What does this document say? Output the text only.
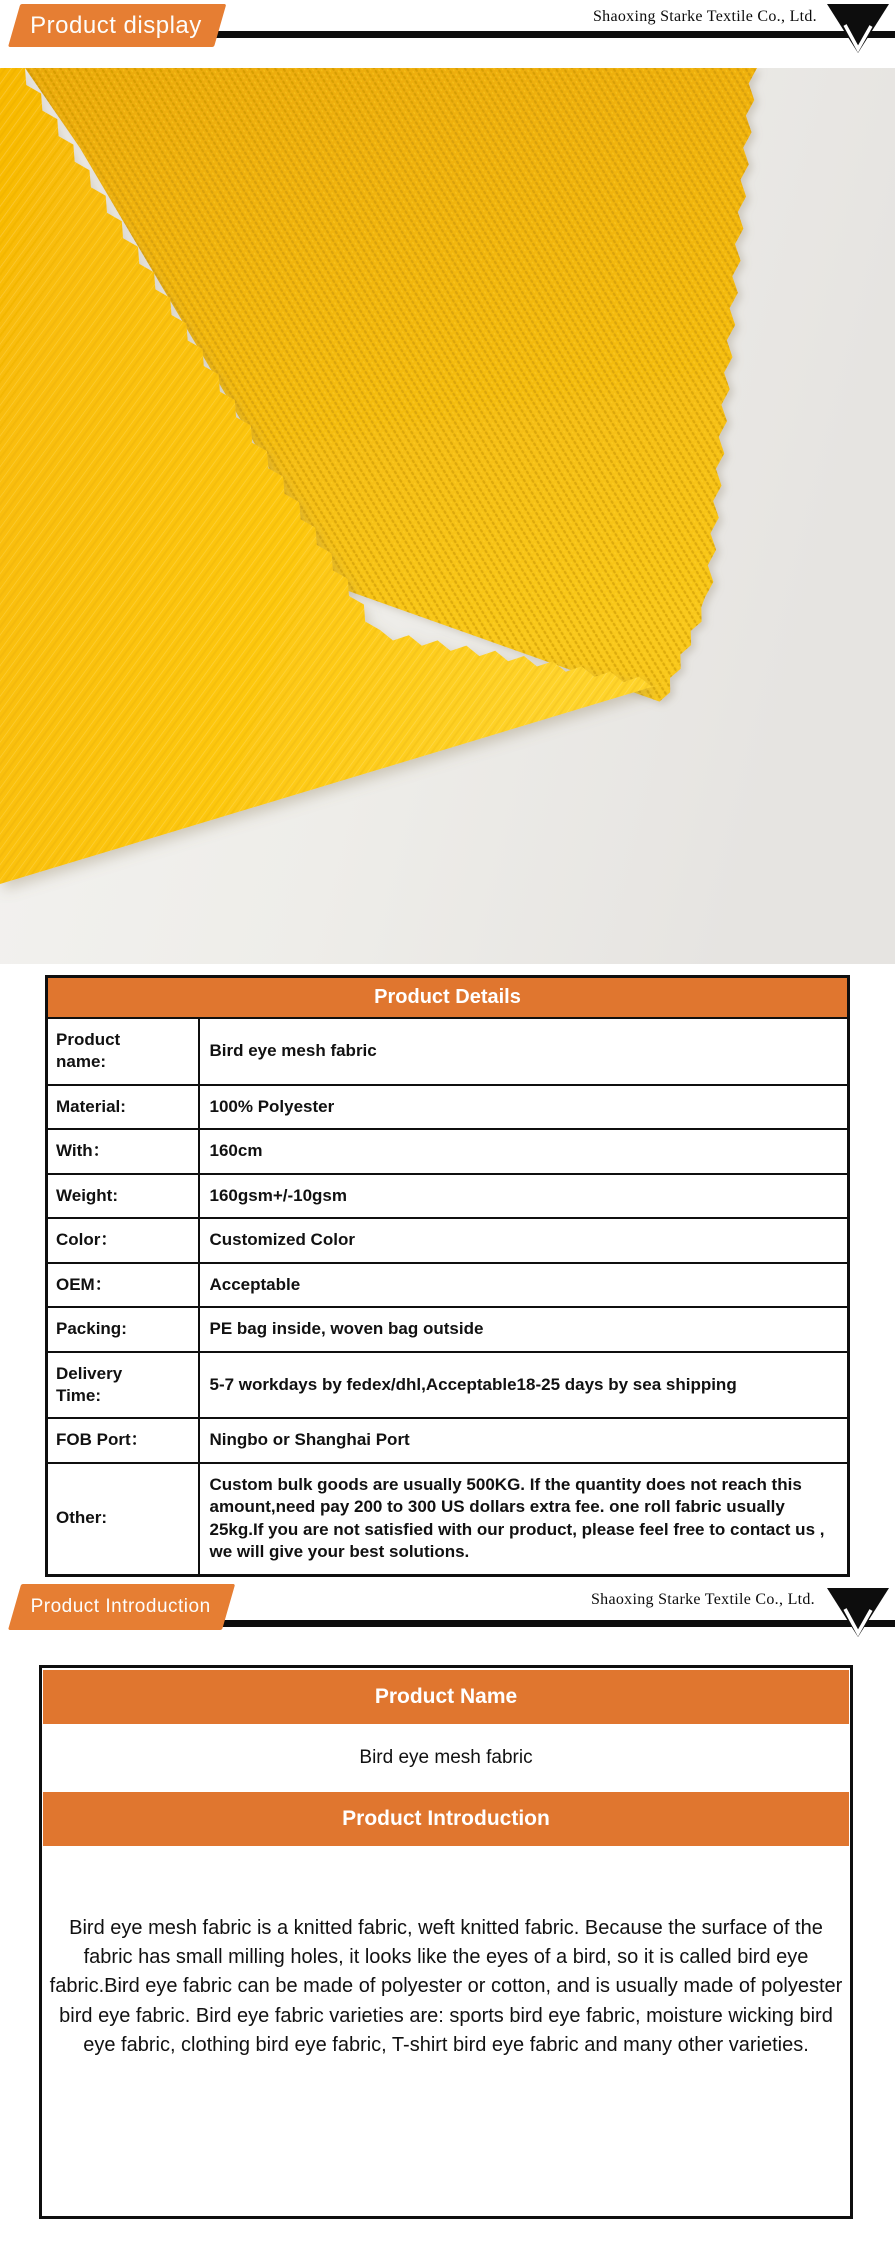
Product display	Shaoxing Starke Textile Co., Ltd.
Product Details	
Product name:	Bird eye mesh fabric
Material:	100% Polyester
With：	160cm
Weight:	160gsm+/-10gsm
Color：	Customized Color
OEM：	Acceptable
Packing:	PE bag inside, woven bag outside
Delivery Time:	5-7 workdays by fedex/dhl,Acceptable18-25 days by sea shipping
FOB Port：	Ningbo or Shanghai Port
Other:	Custom bulk goods are usually 500KG. If the quantity does not reach this amount,need pay 200 to 300 US dollars extra fee. one roll fabric usually 25kg.If you are not satisfied with our product, please feel free to contact us , we will give your best solutions.
Product Introduction	Shaoxing Starke Textile Co., Ltd.
Product Name
Bird eye mesh fabric
Product Introduction
Bird eye mesh fabric is a knitted fabric, weft knitted fabric. Because the surface of the fabric has small milling holes, it looks like the eyes of a bird, so it is called bird eye fabric.Bird eye fabric can be made of polyester or cotton, and is usually made of polyester bird eye fabric. Bird eye fabric varieties are: sports bird eye fabric, moisture wicking bird eye fabric, clothing bird eye fabric, T-shirt bird eye fabric and many other varieties.
